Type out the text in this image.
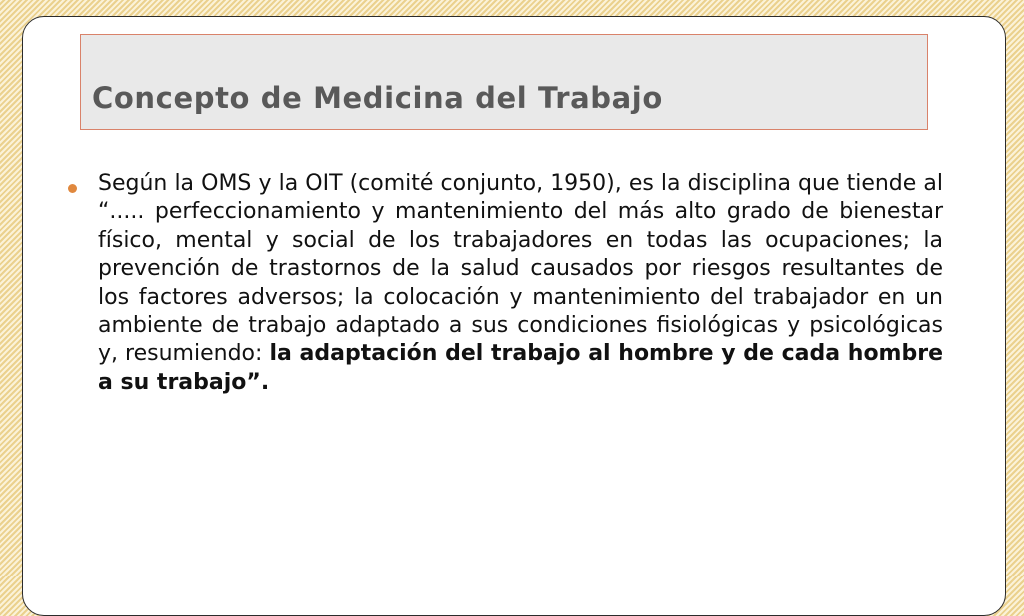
Concepto de Medicina del Trabajo

Según la OMS y la OIT (comité conjunto, 1950), es la disciplina que tiende al “..... perfeccionamiento y mantenimiento del más alto grado de bienestar físico, mental y social de los trabajadores en todas las ocupaciones; la prevención de trastornos de la salud causados por riesgos resultantes de los factores adversos; la colocación y mantenimiento del trabajador en un ambiente de trabajo adaptado a sus condiciones fisiológicas y psicológicas y, resumiendo: la adaptación del trabajo al hombre y de cada hombre a su trabajo”.
